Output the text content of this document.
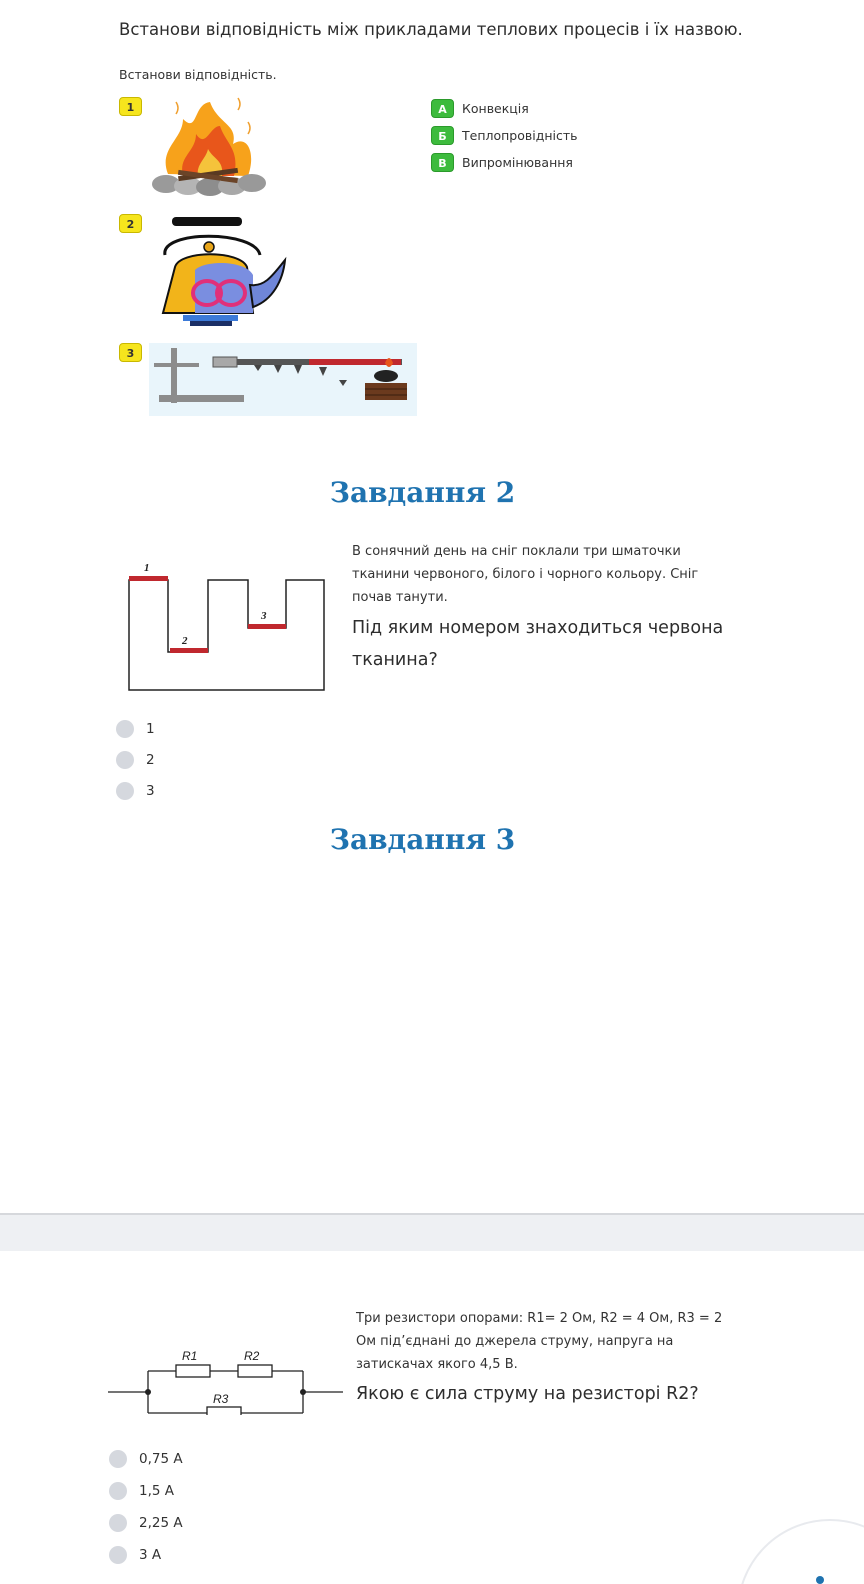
Встанови відповідність між прикладами теплових процесів і їх назвою.
Встанови відповідність.
1
2
3
А	Конвекція
Б	Теплопровідність
В	Випромінювання
Завдання 2
1
2
3
В сонячний день на сніг поклали три шматочки тканини червоного, білого і чорного кольору. Сніг почав танути.
Під яким номером знаходиться червона тканина?
1
2
3
Завдання 3
R1	R2
R3
Три резистори опорами: R1= 2 Ом, R2 = 4 Ом, R3 = 2 Ом під’єднані до джерела струму, напруга на затискачах якого 4,5 В.
Якою є сила струму на резисторі R2?
0,75 А
1,5 А
2,25 А
3 А
